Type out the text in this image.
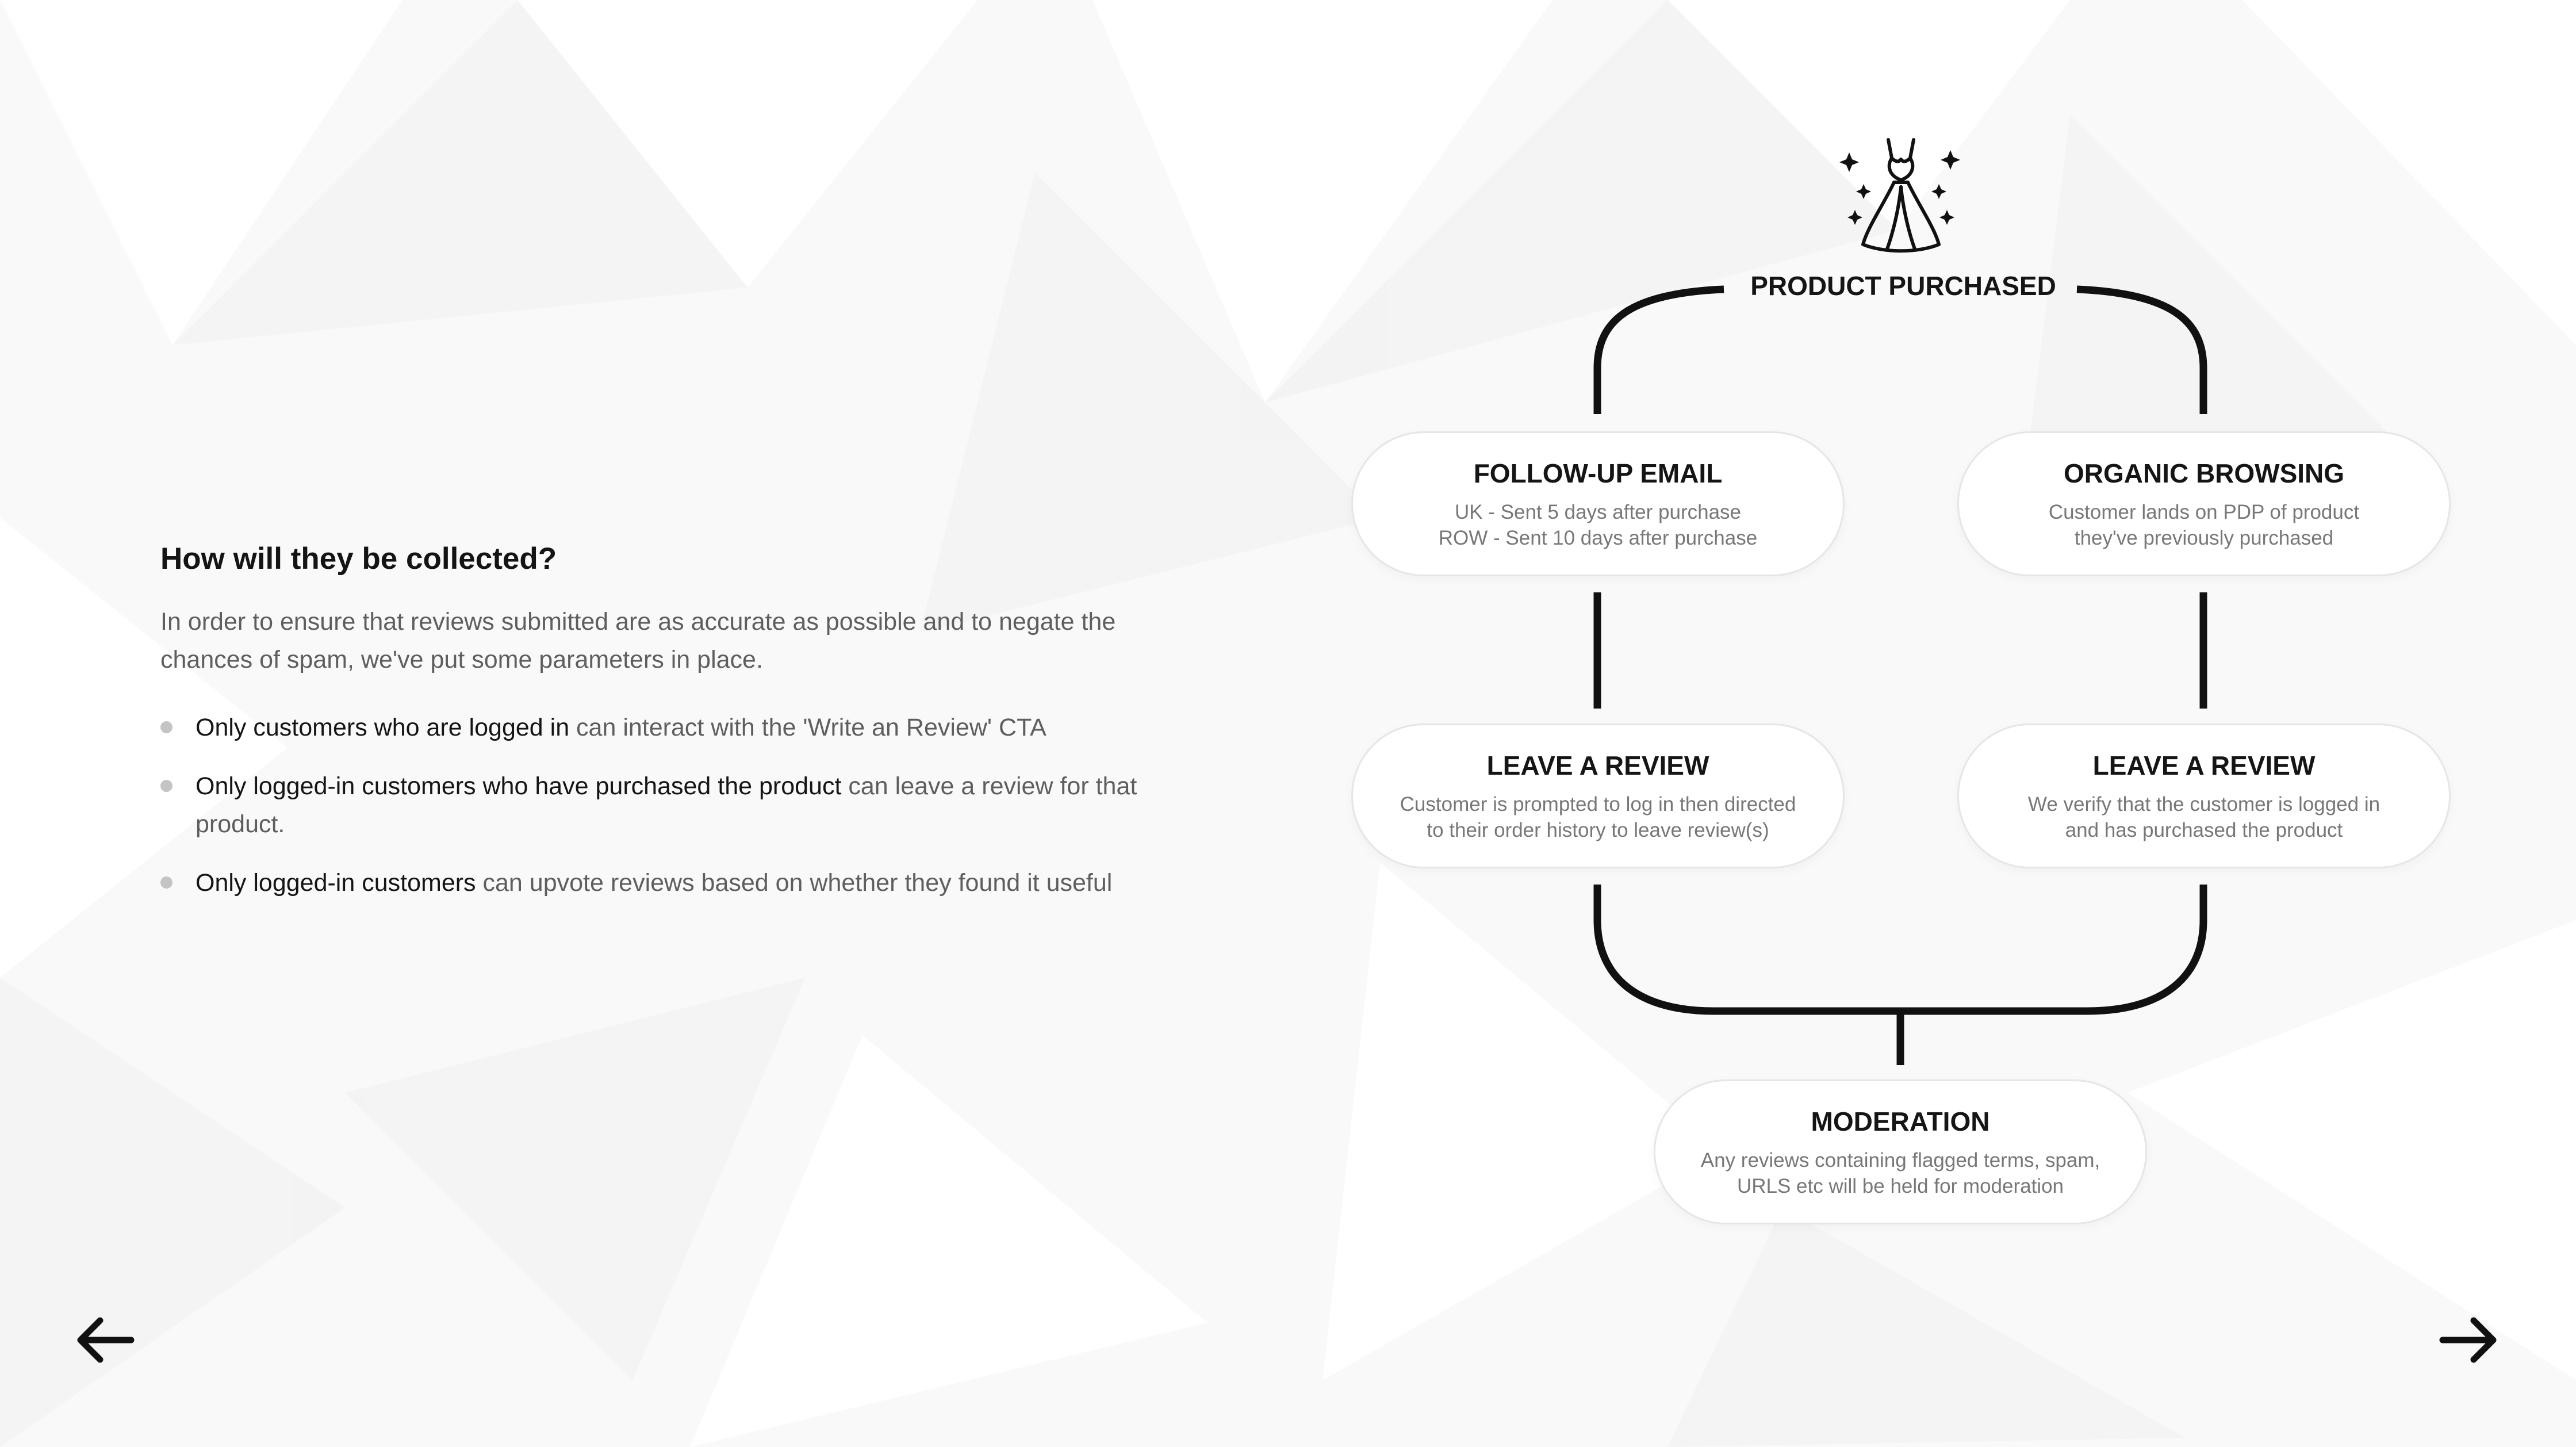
How will they be collected?

In order to ensure that reviews submitted are as accurate as possible and to negate the chances of spam, we've put some parameters in place.

Only customers who are logged in can interact with the 'Write an Review' CTA
Only logged-in customers who have purchased the product can leave a review for that product.
Only logged-in customers can upvote reviews based on whether they found it useful
PRODUCT PURCHASED
FOLLOW-UP EMAIL
UK - Sent 5 days after purchase
ROW - Sent 10 days after purchase
ORGANIC BROWSING
Customer lands on PDP of product
they've previously purchased
LEAVE A REVIEW
Customer is prompted to log in then directed
to their order history to leave review(s)
LEAVE A REVIEW
We verify that the customer is logged in
and has purchased the product
MODERATION
Any reviews containing flagged terms, spam,
URLS etc will be held for moderation
